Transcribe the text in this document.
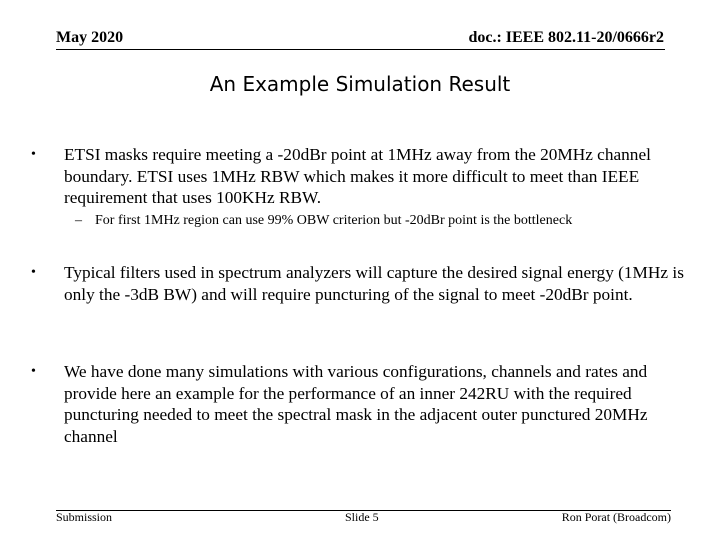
May 2020	doc.: IEEE 802.11-20/0666r2
An Example Simulation Result
•	ETSI masks require meeting a -20dBr point at 1MHz away from the 20MHz channel boundary. ETSI uses 1MHz RBW which makes it more difficult to meet than IEEE requirement that uses 100KHz RBW.
– For first 1MHz region can use 99% OBW criterion but -20dBr point is the bottleneck
•	Typical filters used in spectrum analyzers will capture the desired signal energy (1MHz is only the -3dB BW) and will require puncturing of the signal to meet -20dBr point.
•	We have done many simulations with various configurations, channels and rates and provide here an example for the performance of an inner 242RU with the required puncturing needed to meet the spectral mask in the adjacent outer punctured 20MHz channel
Submission	Slide 5	Ron Porat (Broadcom)
